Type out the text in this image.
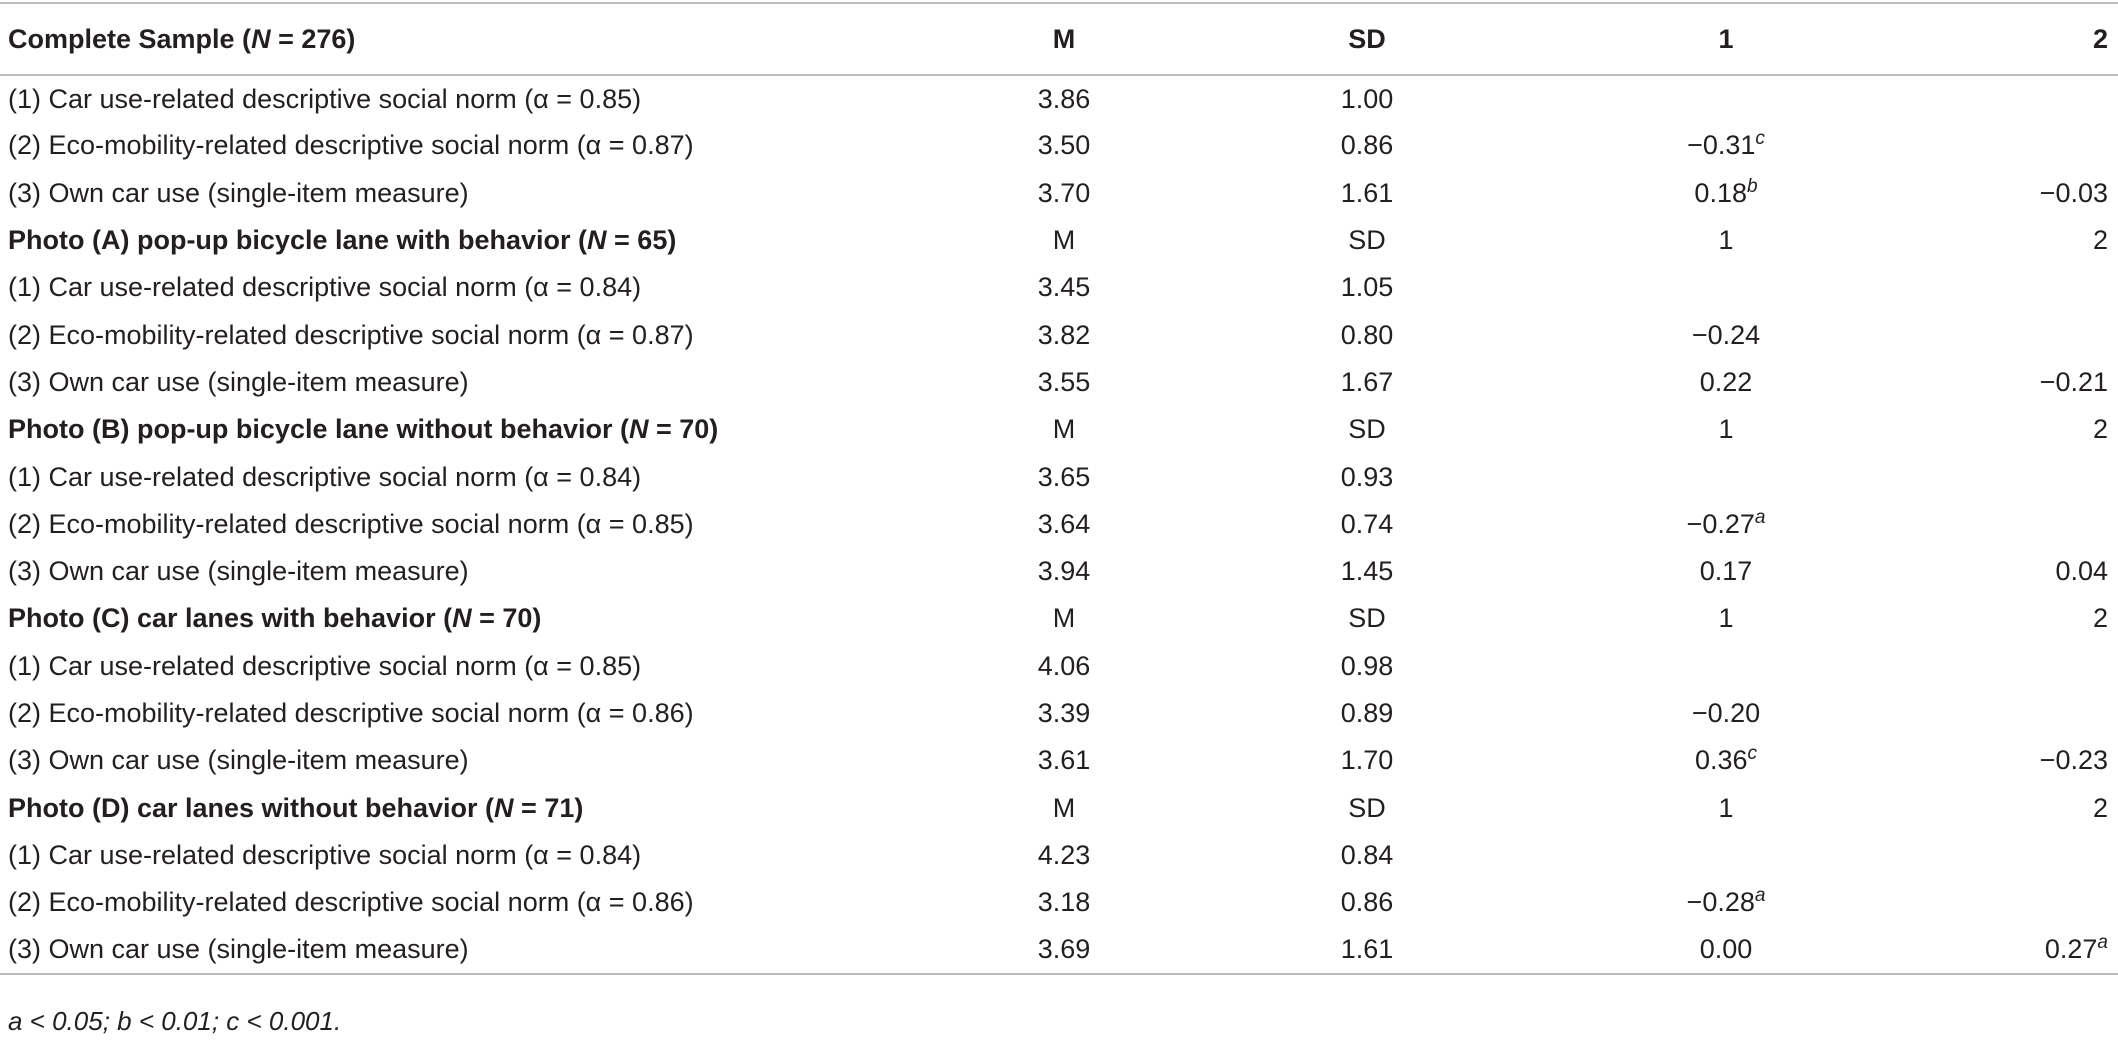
Complete Sample (N = 276)	M	SD	1	2
(1) Car use-related descriptive social norm (α = 0.85)	3.86	1.00		
(2) Eco-mobility-related descriptive social norm (α = 0.87)	3.50	0.86	−0.31$^c$	
(3) Own car use (single-item measure)	3.70	1.61	0.18$^b$	−0.03
Photo (A) pop-up bicycle lane with behavior (N = 65)	M	SD	1	2
(1) Car use-related descriptive social norm (α = 0.84)	3.45	1.05		
(2) Eco-mobility-related descriptive social norm (α = 0.87)	3.82	0.80	−0.24	
(3) Own car use (single-item measure)	3.55	1.67	0.22	−0.21
Photo (B) pop-up bicycle lane without behavior (N = 70)	M	SD	1	2
(1) Car use-related descriptive social norm (α = 0.84)	3.65	0.93		
(2) Eco-mobility-related descriptive social norm (α = 0.85)	3.64	0.74	−0.27$^a$	
(3) Own car use (single-item measure)	3.94	1.45	0.17	0.04
Photo (C) car lanes with behavior (N = 70)	M	SD	1	2
(1) Car use-related descriptive social norm (α = 0.85)	4.06	0.98		
(2) Eco-mobility-related descriptive social norm (α = 0.86)	3.39	0.89	−0.20	
(3) Own car use (single-item measure)	3.61	1.70	0.36$^c$	−0.23
Photo (D) car lanes without behavior (N = 71)	M	SD	1	2
(1) Car use-related descriptive social norm (α = 0.84)	4.23	0.84		
(2) Eco-mobility-related descriptive social norm (α = 0.86)	3.18	0.86	−0.28$^a$	
(3) Own car use (single-item measure)	3.69	1.61	0.00	0.27$^a$
a < 0.05; b < 0.01; c < 0.001.
